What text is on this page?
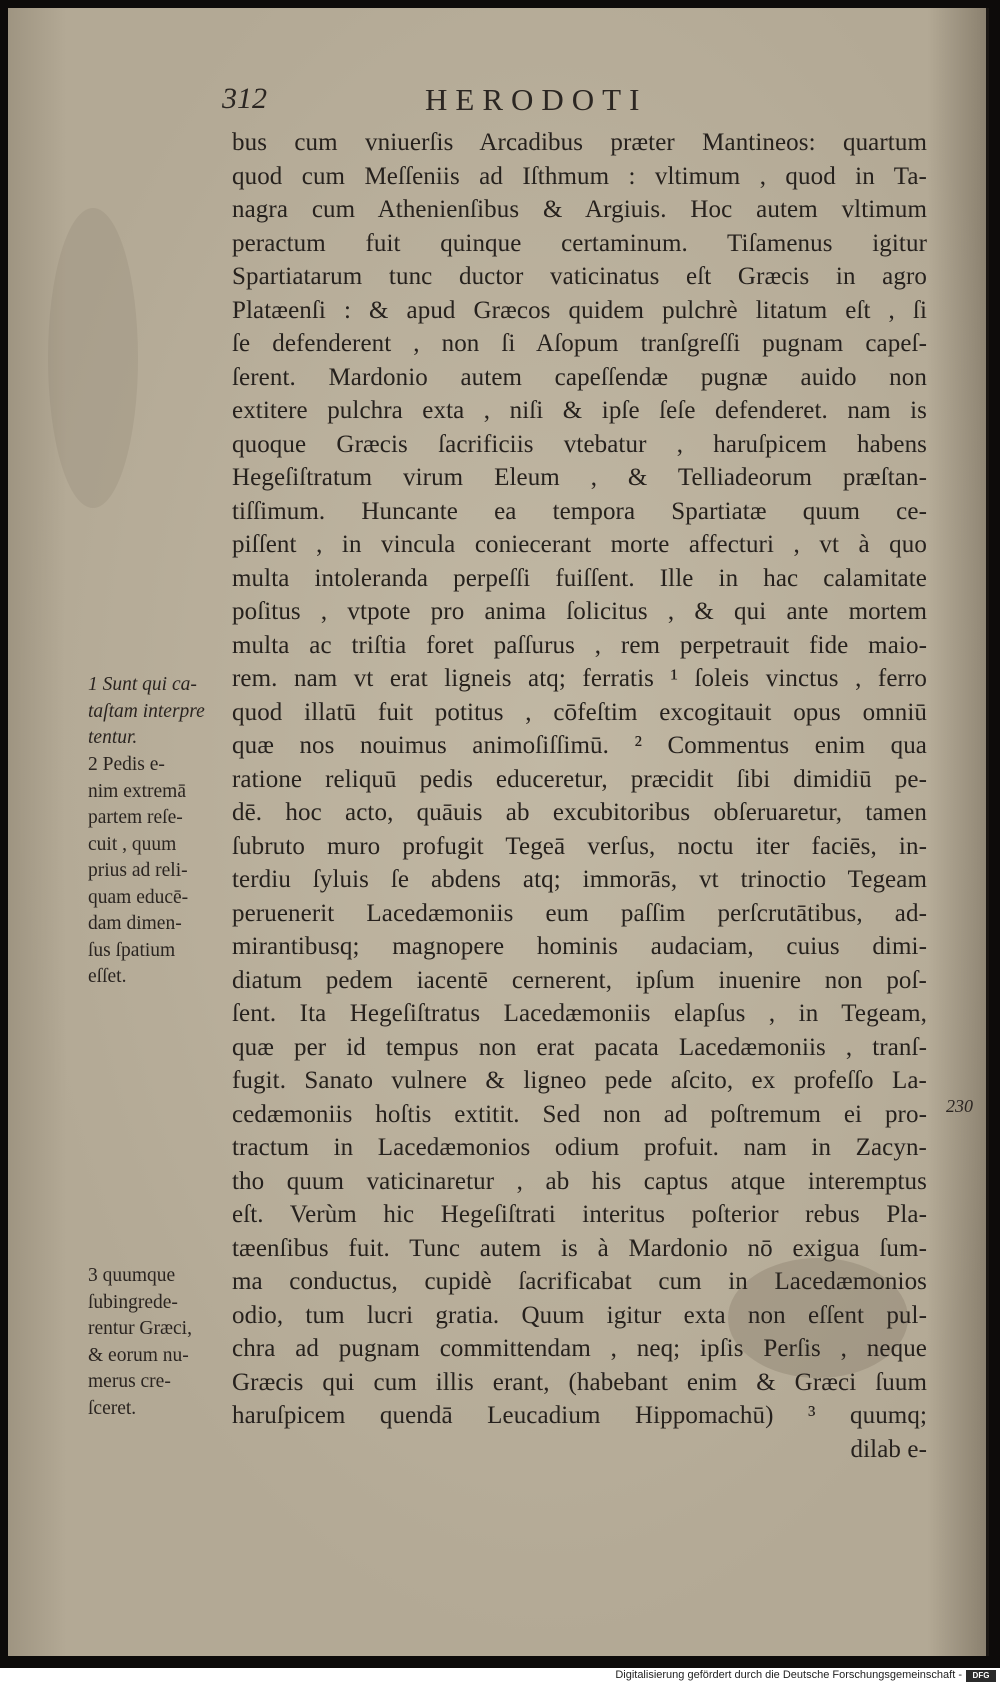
312	HERODOTI
bus cum vniuerſis Arcadibus prӕter Mantineos: quartum
quod cum Meſſeniis ad Iſthmum : vltimum , quod in Ta-
nagra cum Athenienſibus & Argiuis. Hoc autem vltimum
peractum fuit quinque certaminum. Tiſamenus igitur
Spartiatarum tunc ductor vaticinatus eſt Grӕcis in agro
Platӕenſi : & apud Grӕcos quidem pulchrè litatum eſt , ſi
ſe defenderent , non ſi Aſopum tranſgreſſi pugnam capeſ-
ſerent. Mardonio autem capeſſendӕ pugnӕ auido non
extitere pulchra exta , niſi & ipſe ſeſe defenderet. nam is
quoque Grӕcis ſacrificiis vtebatur , haruſpicem habens
Hegeſiſtratum virum Eleum , & Telliadeorum prӕſtan-
tiſſimum. Huncante ea tempora Spartiatӕ quum ce-
piſſent , in vincula coniecerant morte affecturi , vt à quo
multa intoleranda perpeſſi fuiſſent. Ille in hac calamitate
poſitus , vtpote pro anima ſolicitus , & qui ante mortem
multa ac triſtia foret paſſurus , rem perpetrauit fide maio-
rem. nam vt erat ligneis atq; ferratis ¹ ſoleis vinctus , ferro
quod illatū fuit potitus , cōfeſtim excogitauit opus omniū
quӕ nos nouimus animoſiſſimū. ² Commentus enim qua
ratione reliquū pedis educeretur, prӕcidit ſibi dimidiū pe-
dē. hoc acto, quāuis ab excubitoribus obſeruaretur, tamen
ſubruto muro profugit Tegeā verſus, noctu iter faciēs, in-
terdiu ſyluis ſe abdens atq; immorās, vt trinoctio Tegeam
peruenerit Lacedӕmoniis eum paſſim perſcrutātibus, ad-
mirantibusq; magnopere hominis audaciam, cuius dimi-
diatum pedem iacentē cernerent, ipſum inuenire non poſ-
ſent. Ita Hegeſiſtratus Lacedӕmoniis elapſus , in Tegeam,
quӕ per id tempus non erat pacata Lacedӕmoniis , tranſ-
fugit. Sanato vulnere & ligneo pede aſcito, ex profeſſo La-
cedӕmoniis hoſtis extitit. Sed non ad poſtremum ei pro-
tractum in Lacedӕmonios odium profuit. nam in Zacyn-
tho quum vaticinaretur , ab his captus atque interemptus
eſt. Verùm hic Hegeſiſtrati interitus poſterior rebus Pla-
tӕenſibus fuit. Tunc autem is à Mardonio nō exigua ſum-
ma conductus, cupidè ſacrificabat cum in Lacedӕmonios
odio, tum lucri gratia. Quum igitur exta non eſſent pul-
chra ad pugnam committendam , neq; ipſis Perſis , neque
Grӕcis qui cum illis erant, (habebant enim & Grӕci ſuum
haruſpicem quendā Leucadium Hippomachū) ³ quumq;
dilab e-
1 Sunt qui ca-
taſtam interpre
tentur.
2 Pedis e-
nim extremā
partem reſe-
cuit , quum
prius ad reli-
quam educē-
dam dimen-
ſus ſpatium
eſſet.
3 quumque
ſubingrede-
rentur Grӕci,
& eorum nu-
merus cre-
ſceret.
230
Digitalisierung gefördert durch die Deutsche Forschungsgemeinschaft -	DFG
